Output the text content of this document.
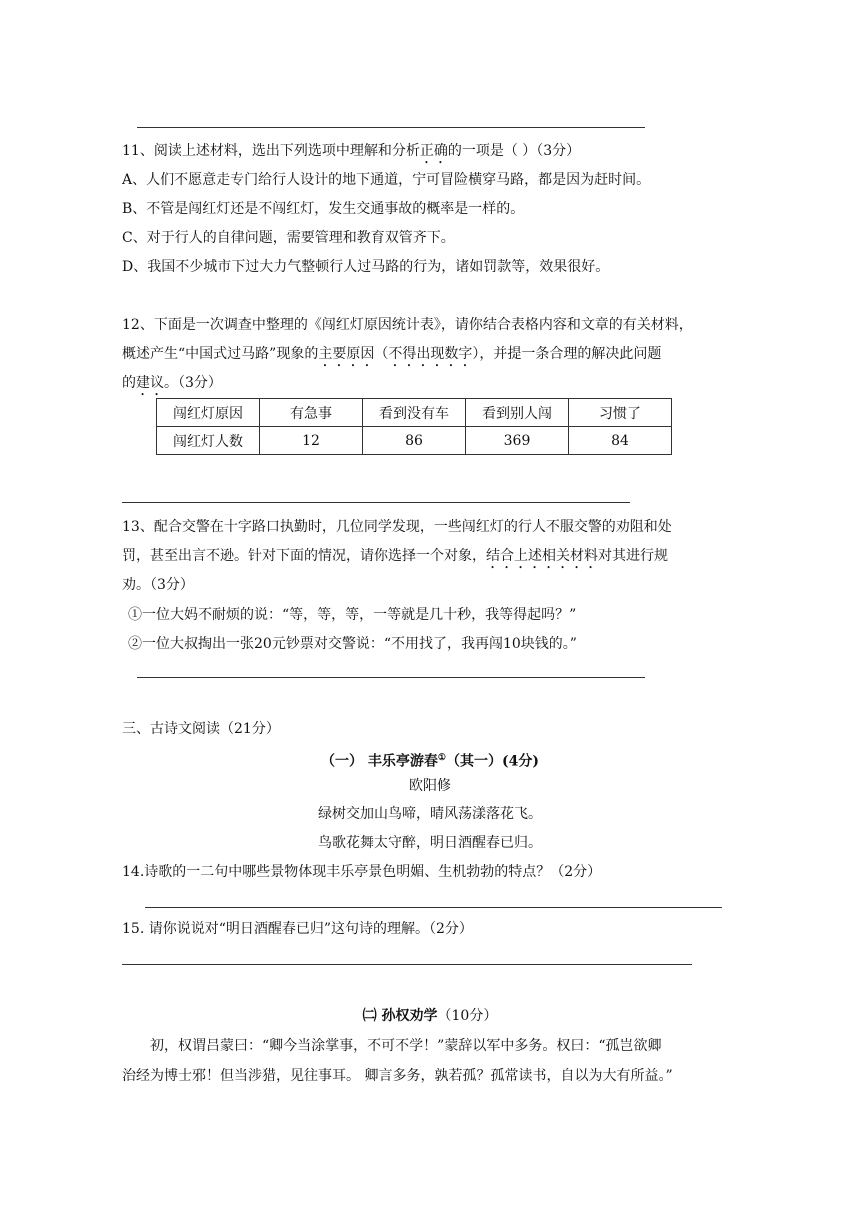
11、阅读上述材料，选出下列选项中理解和分析正确的一项是（ ）（3分）
A、人们不愿意走专门给行人设计的地下通道，宁可冒险横穿马路，都是因为赶时间。
B、不管是闯红灯还是不闯红灯，发生交通事故的概率是一样的。
C、对于行人的自律问题，需要管理和教育双管齐下。
D、我国不少城市下过大力气整顿行人过马路的行为，诸如罚款等，效果很好。
12、下面是一次调查中整理的《闯红灯原因统计表》，请你结合表格内容和文章的有关材料，
概述产生“中国式过马路”现象的主要原因（不得出现数字），并提一条合理的解决此问题
的建议。（3分）
闯红灯原因	有急事	看到没有车	看到别人闯	习惯了
闯红灯人数	12	86	369	84
13、配合交警在十字路口执勤时，几位同学发现，一些闯红灯的行人不服交警的劝阻和处
罚，甚至出言不逊。针对下面的情况，请你选择一个对象，结合上述相关材料对其进行规
劝。（3分）
①一位大妈不耐烦的说：“等，等，等，一等就是几十秒，我等得起吗？”
②一位大叔掏出一张20元钞票对交警说：“不用找了，我再闯10块钱的。”
三、古诗文阅读（21分）
（一） 丰乐亭游春①（其一）(4分)
欧阳修
绿树交加山鸟啼，晴风荡漾落花飞。
鸟歌花舞太守醉，明日酒醒春已归。
14.诗歌的一二句中哪些景物体现丰乐亭景色明媚、生机勃勃的特点？（2分）
15. 请你说说对“明日酒醒春已归”这句诗的理解。（2分）
㈡ 孙权劝学（10分）
初，权谓吕蒙曰：“卿今当涂掌事，不可不学！”蒙辞以军中多务。权曰：“孤岂欲卿
治经为博士邪！但当涉猎，见往事耳。 卿言多务，孰若孤？孤常读书，自以为大有所益。”
